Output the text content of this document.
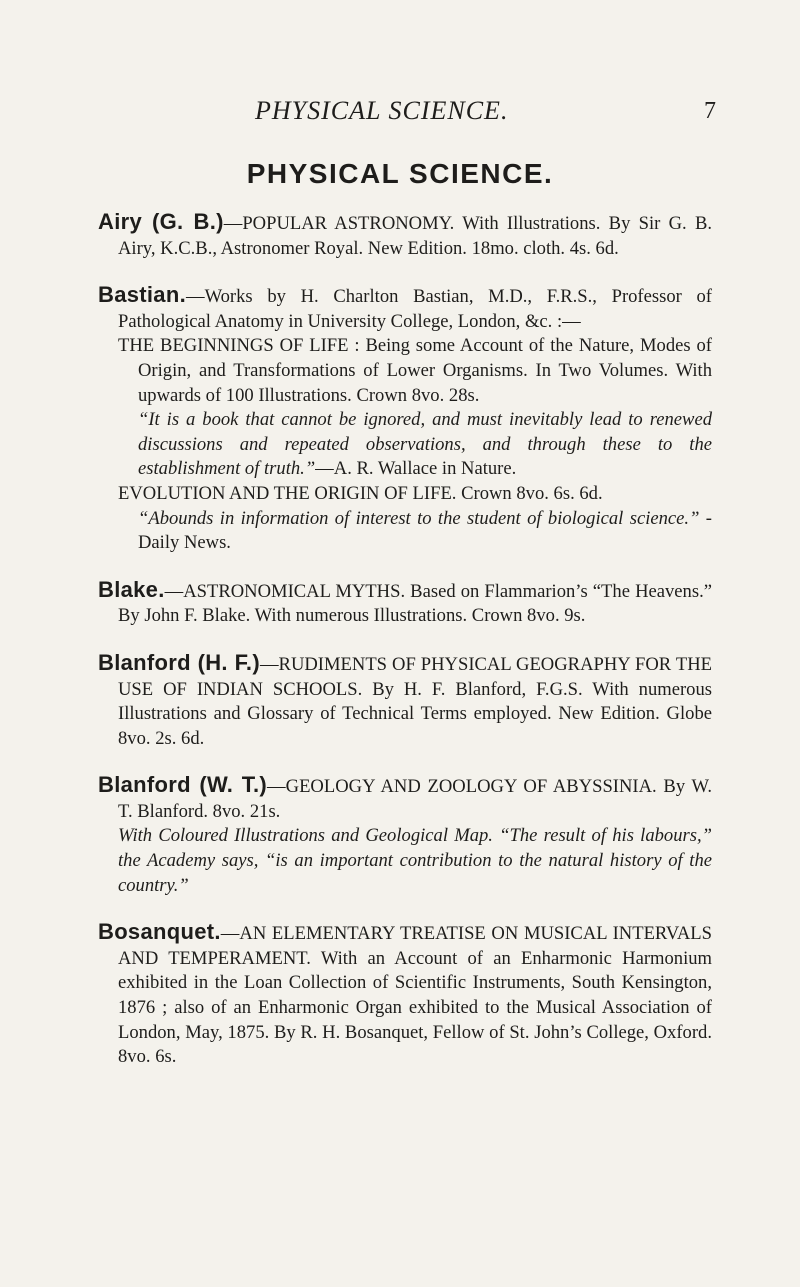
PHYSICAL SCIENCE.	7
PHYSICAL SCIENCE.

Airy (G. B.)—POPULAR ASTRONOMY. With Illustrations. By Sir G. B. Airy, K.C.B., Astronomer Royal. New Edition. 18mo. cloth. 4s. 6d.

Bastian.—Works by H. Charlton Bastian, M.D., F.R.S., Professor of Pathological Anatomy in University College, London, &c. :—

THE BEGINNINGS OF LIFE : Being some Account of the Nature, Modes of Origin, and Transformations of Lower Organisms. In Two Volumes. With upwards of 100 Illustrations. Crown 8vo. 28s.

“It is a book that cannot be ignored, and must inevitably lead to renewed discussions and repeated observations, and through these to the establishment of truth.”—A. R. Wallace in Nature.

EVOLUTION AND THE ORIGIN OF LIFE. Crown 8vo. 6s. 6d.

“Abounds in information of interest to the student of biological science.” -Daily News.

Blake.—ASTRONOMICAL MYTHS. Based on Flammarion’s “The Heavens.” By John F. Blake. With numerous Illustrations. Crown 8vo. 9s.

Blanford (H. F.)—RUDIMENTS OF PHYSICAL GEOGRAPHY FOR THE USE OF INDIAN SCHOOLS. By H. F. Blanford, F.G.S. With numerous Illustrations and Glossary of Technical Terms employed. New Edition. Globe 8vo. 2s. 6d.

Blanford (W. T.)—GEOLOGY AND ZOOLOGY OF ABYSSINIA. By W. T. Blanford. 8vo. 21s.

With Coloured Illustrations and Geological Map. “The result of his labours,” the Academy says, “is an important contribution to the natural history of the country.”

Bosanquet.—AN ELEMENTARY TREATISE ON MUSICAL INTERVALS AND TEMPERAMENT. With an Account of an Enharmonic Harmonium exhibited in the Loan Collection of Scientific Instruments, South Kensington, 1876 ; also of an Enharmonic Organ exhibited to the Musical Association of London, May, 1875. By R. H. Bosanquet, Fellow of St. John’s College, Oxford. 8vo. 6s.
